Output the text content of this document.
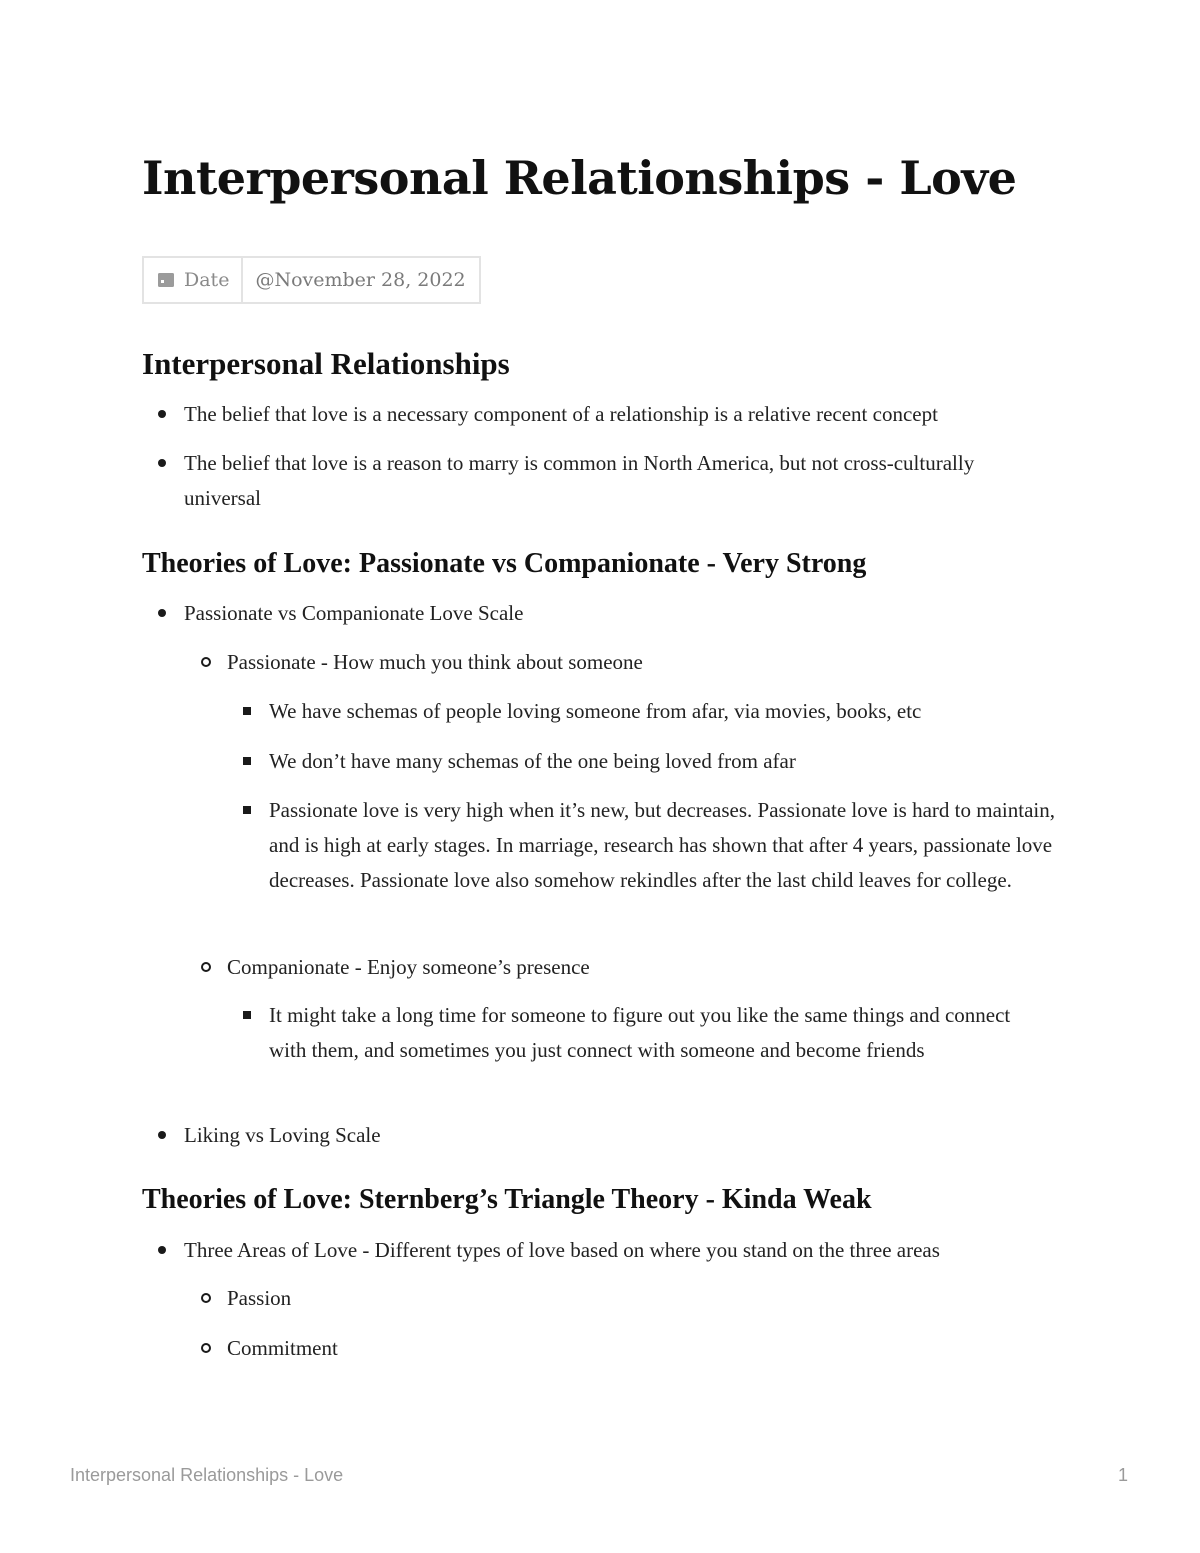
Interpersonal Relationships - Love
Date	@November 28, 2022
Interpersonal Relationships
The belief that love is a necessary component of a relationship is a relative recent concept
The belief that love is a reason to marry is common in North America, but not cross-culturally universal
Theories of Love: Passionate vs Companionate - Very Strong
Passionate vs Companionate Love Scale
Passionate - How much you think about someone
We have schemas of people loving someone from afar, via movies, books, etc
We don’t have many schemas of the one being loved from afar
Passionate love is very high when it’s new, but decreases. Passionate love is hard to maintain, and is high at early stages. In marriage, research has shown that after 4 years, passionate love decreases. Passionate love also somehow rekindles after the last child leaves for college.
Companionate - Enjoy someone’s presence
It might take a long time for someone to figure out you like the same things and connect with them, and sometimes you just connect with someone and become friends
Liking vs Loving Scale
Theories of Love: Sternberg’s Triangle Theory - Kinda Weak
Three Areas of Love - Different types of love based on where you stand on the three areas
Passion
Commitment
Interpersonal Relationships - Love	1
